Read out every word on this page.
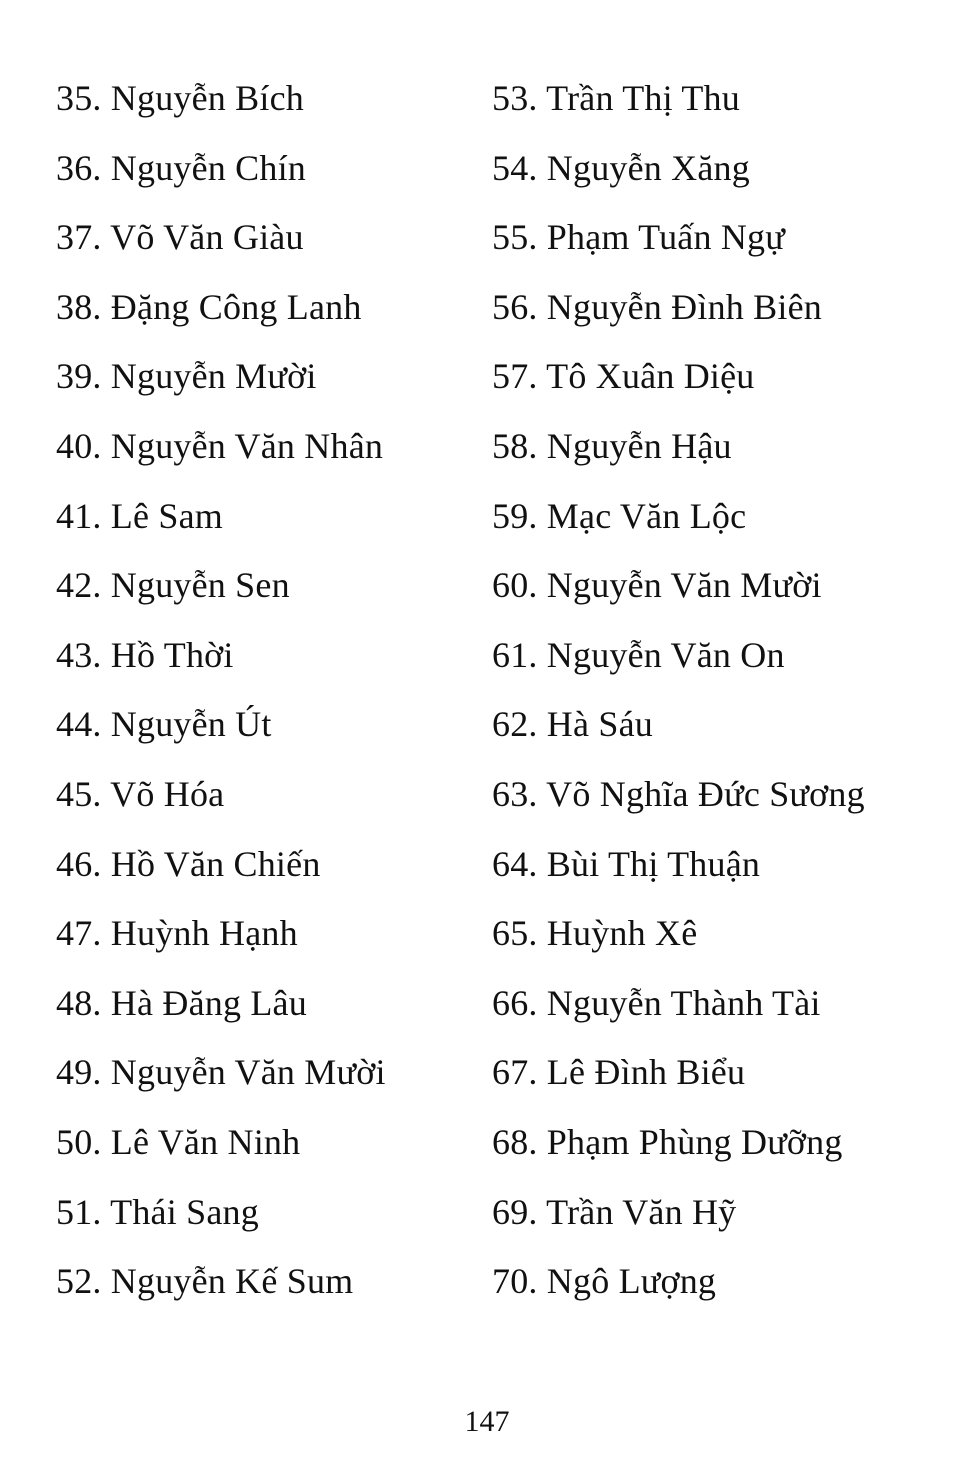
35. Nguyễn Bích
36. Nguyễn Chín
37. Võ Văn Giàu
38. Đặng Công Lanh
39. Nguyễn Mười
40. Nguyễn Văn Nhân
41. Lê Sam
42. Nguyễn Sen
43. Hồ Thời
44. Nguyễn Út
45. Võ Hóa
46. Hồ Văn Chiến
47. Huỳnh Hạnh
48. Hà Đăng Lâu
49. Nguyễn Văn Mười
50. Lê Văn Ninh
51. Thái Sang
52. Nguyễn Kế Sum
53. Trần Thị Thu
54. Nguyễn Xăng
55. Phạm Tuấn Ngự
56. Nguyễn Đình Biên
57. Tô Xuân Diệu
58. Nguyễn Hậu
59. Mạc Văn Lộc
60. Nguyễn Văn Mười
61. Nguyễn Văn On
62. Hà Sáu
63. Võ Nghĩa Đức Sương
64. Bùi Thị Thuận
65. Huỳnh Xê
66. Nguyễn Thành Tài
67. Lê Đình Biểu
68. Phạm Phùng Dưỡng
69. Trần Văn Hỹ
70. Ngô Lượng
147
